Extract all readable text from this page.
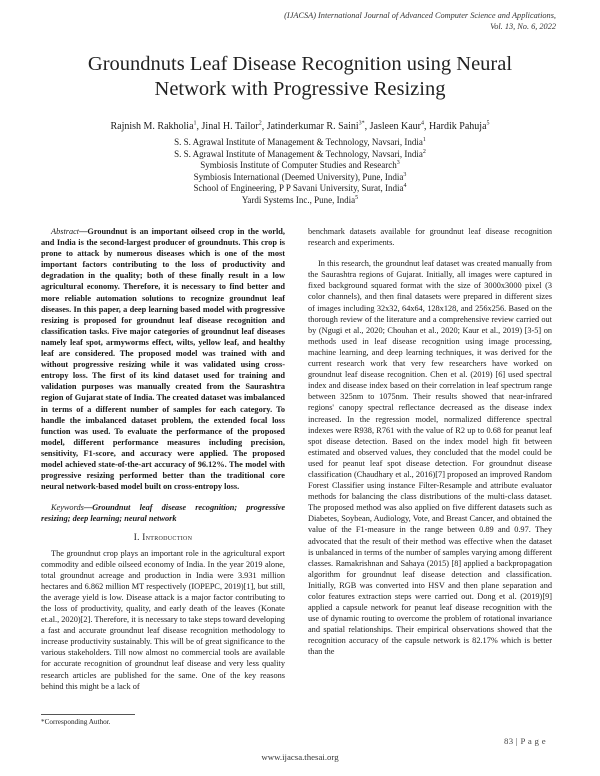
(IJACSA) International Journal of Advanced Computer Science and Applications,
Vol. 13, No. 6, 2022
Groundnuts Leaf Disease Recognition using Neural
Network with Progressive Resizing
Rajnish M. Rakholia$^1$, Jinal H. Tailor$^2$, Jatinderkumar R. Saini$^{3*}$, Jasleen Kaur$^4$, Hardik Pahuja$^5$
S. S. Agrawal Institute of Management & Technology, Navsari, India$^1$
S. S. Agrawal Institute of Management & Technology, Navsari, India$^2$
Symbiosis Institute of Computer Studies and Research$^3$
Symbiosis International (Deemed University), Pune, India$^3$
School of Engineering, P P Savani University, Surat, India$^4$
Yardi Systems Inc., Pune, India$^5$

Abstract—Groundnut is an important oilseed crop in the world, and India is the second-largest producer of groundnuts. This crop is prone to attack by numerous diseases which is one of the most important factors contributing to the loss of productivity and degradation in the quality; both of these finally result in a low agricultural economy. Therefore, it is necessary to find better and more reliable automation solutions to recognize groundnut leaf diseases. In this paper, a deep learning based model with progressive resizing is proposed for groundnut leaf disease recognition and classification tasks. Five major categories of groundnut leaf diseases namely leaf spot, armyworms effect, wilts, yellow leaf, and healthy leaf are considered. The proposed model was trained with and without progressive resizing while it was validated using cross-entropy loss. The first of its kind dataset used for training and validation purposes was manually created from the Saurashtra region of Gujarat state of India. The created dataset was imbalanced in terms of a different number of samples for each category. To handle the imbalanced dataset problem, the extended focal loss function was used. To evaluate the performance of the proposed model, different performance measures including precision, sensitivity, F1-score, and accuracy were applied. The proposed model achieved state-of-the-art accuracy of 96.12%. The model with progressive resizing performed better than the traditional core neural network-based model built on cross-entropy loss.

Keywords—Groundnut leaf disease recognition; progressive resizing; deep learning; neural network

I. Introduction

The groundnut crop plays an important role in the agricultural export commodity and edible oilseed economy of India. In the year 2019 alone, total groundnut acreage and production in India were 3.931 million hectares and 6.862 million MT respectively (IOPEPC, 2019)[1], but still, the average yield is low. Disease attack is a major factor contributing to the loss of productivity, quality, and early death of the leaves (Konate et.al., 2020)[2]. Therefore, it is necessary to take steps toward developing a fast and accurate groundnut leaf disease recognition methodology to increase productivity sustainably. This will be of great significance to the various stakeholders. Till now almost no commercial tools are available for accurate recognition of groundnut leaf disease and very less quality research articles are published for the same. One of the key reasons behind this might be a lack of

benchmark datasets available for groundnut leaf disease recognition research and experiments.

In this research, the groundnut leaf dataset was created manually from the Saurashtra regions of Gujarat. Initially, all images were captured in fixed background squared format with the size of 3000x3000 pixel (3 color channels), and then final datasets were prepared in different sizes of images including 32x32, 64x64, 128x128, and 256x256. Based on the thorough review of the literature and a comprehensive review carried out by (Ngugi et al., 2020; Chouhan et al., 2020; Kaur et al., 2019) [3-5] on methods used in leaf disease recognition using image processing, machine learning, and deep learning techniques, it was derived for the current research work that very few researchers have worked on groundnut leaf disease recognition. Chen et al. (2019) [6] used spectral index and disease index based on their correlation in leaf spectrum range between 325nm to 1075nm. Their results showed that near-infrared regions' canopy spectral reflectance decreased as the disease index increased. In the regression model, normalized difference spectral indexes were R938, R761 with the value of R2 up to 0.68 for peanut leaf spot disease detection. Based on the index model high fit between estimated and observed values, they concluded that the model could be used for peanut leaf spot disease detection. For groundnut disease classification (Chaudhary et al., 2016)[7] proposed an improved Random Forest Classifier using instance Filter-Resample and attribute evaluator methods for balancing the class distributions of the multi-class dataset. The proposed method was also applied on five different datasets such as Diabetes, Soybean, Audiology, Vote, and Breast Cancer, and obtained the value of the F1-measure in the range between 0.89 and 0.97. They advocated that the result of their method was effective when the dataset is unbalanced in terms of the number of samples varying among different classes. Ramakrishnan and Sahaya (2015) [8] applied a backpropagation algorithm for groundnut leaf disease detection and classification. Initially, RGB was converted into HSV and then plane separation and color features extraction steps were carried out. Dong et al. (2019)[9] applied a capsule network for peanut leaf disease recognition with the use of dynamic routing to overcome the problem of rotational invariance and spatial relationships. Their empirical observations showed that the recognition accuracy of the capsule network is 82.17% which is better than the

*Corresponding Author.
83 | P a g e
www.ijacsa.thesai.org
